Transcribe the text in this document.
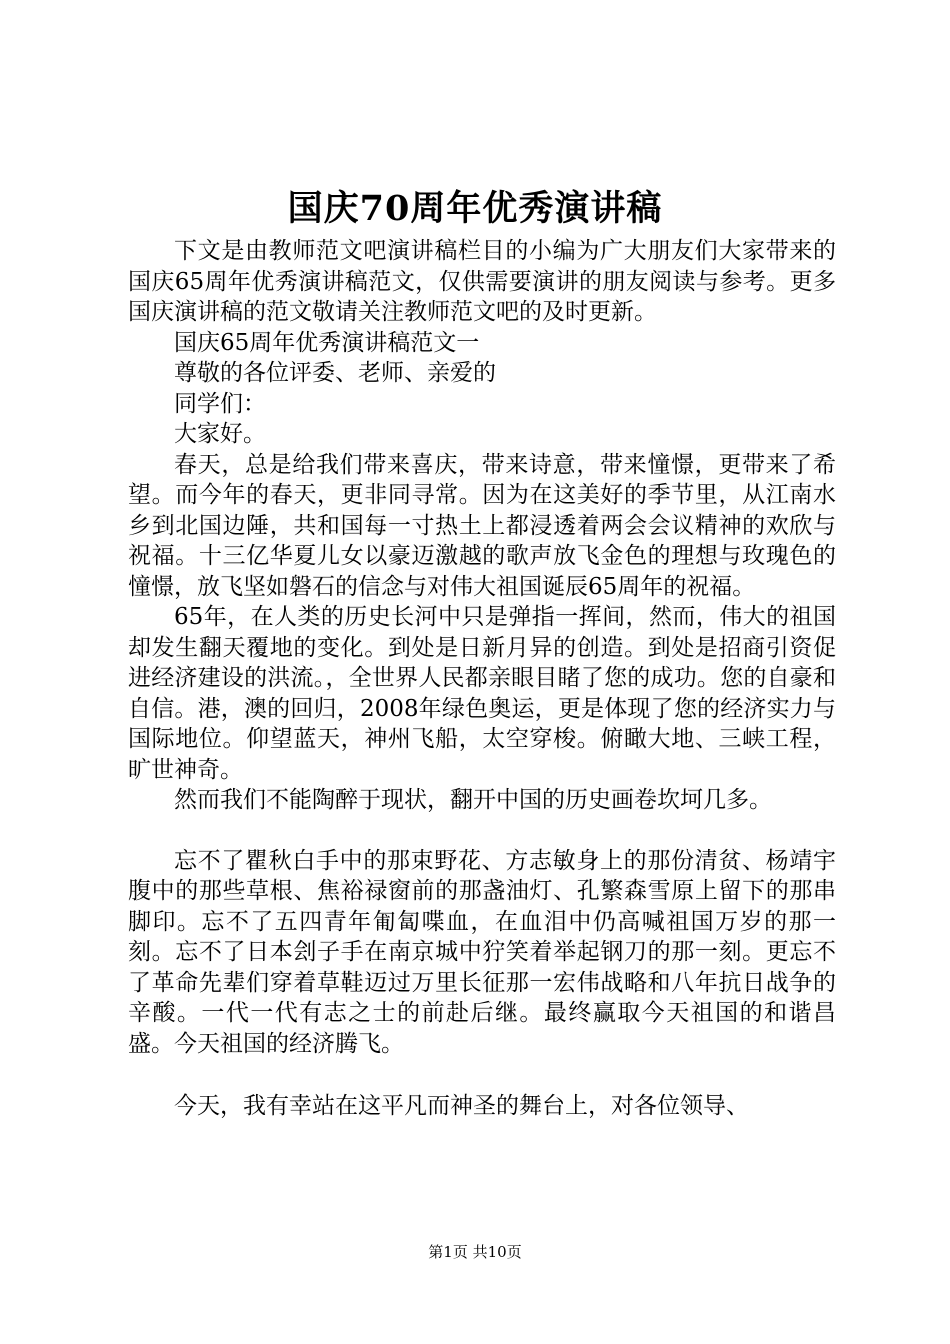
国庆70周年优秀演讲稿

下文是由教师范文吧演讲稿栏目的小编为广大朋友们大家带来的国庆65周年优秀演讲稿范文，仅供需要演讲的朋友阅读与参考。更多国庆演讲稿的范文敬请关注教师范文吧的及时更新。

国庆65周年优秀演讲稿范文一

尊敬的各位评委、老师、亲爱的

同学们：

大家好。

春天，总是给我们带来喜庆，带来诗意，带来憧憬，更带来了希望。而今年的春天，更非同寻常。因为在这美好的季节里，从江南水乡到北国边陲，共和国每一寸热土上都浸透着两会会议精神的欢欣与祝福。十三亿华夏儿女以豪迈激越的歌声放飞金色的理想与玫瑰色的憧憬，放飞坚如磐石的信念与对伟大祖国诞辰65周年的祝福。

65年，在人类的历史长河中只是弹指一挥间，然而，伟大的祖国却发生翻天覆地的变化。到处是日新月异的创造。到处是招商引资促进经济建设的洪流。，全世界人民都亲眼目睹了您的成功。您的自豪和自信。港，澳的回归，2008年绿色奥运，更是体现了您的经济实力与国际地位。仰望蓝天，神州飞船，太空穿梭。俯瞰大地、三峡工程，旷世神奇。

然而我们不能陶醉于现状，翻开中国的历史画卷坎坷几多。

忘不了瞿秋白手中的那束野花、方志敏身上的那份清贫、杨靖宇腹中的那些草根、焦裕禄窗前的那盏油灯、孔繁森雪原上留下的那串脚印。忘不了五四青年匍匐喋血，在血泪中仍高喊祖国万岁的那一刻。忘不了日本刽子手在南京城中狞笑着举起钢刀的那一刻。更忘不了革命先辈们穿着草鞋迈过万里长征那一宏伟战略和八年抗日战争的辛酸。一代一代有志之士的前赴后继。最终赢取今天祖国的和谐昌盛。今天祖国的经济腾飞。

今天，我有幸站在这平凡而神圣的舞台上，对各位领导、

第1页 共10页
